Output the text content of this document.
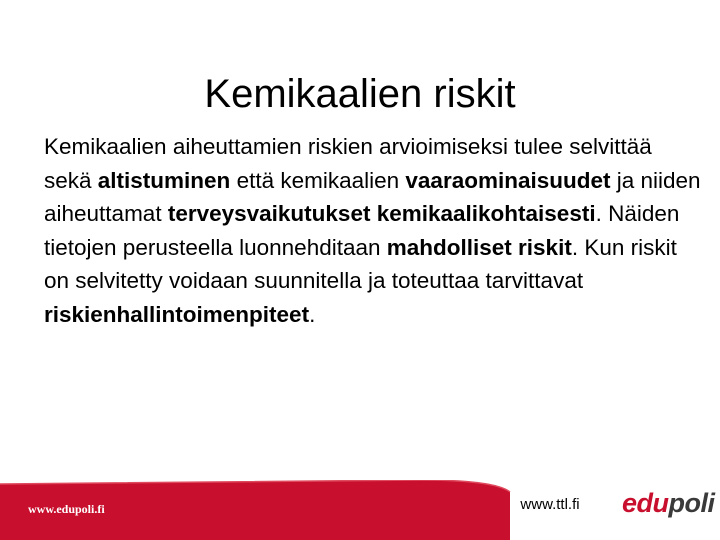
Kemikaalien riskit

Kemikaalien aiheuttamien riskien arvioimiseksi tulee selvittää sekä altistuminen että kemikaalien vaaraominaisuudet ja niiden aiheuttamat terveysvaikutukset kemikaalikohtaisesti. Näiden tietojen perusteella luonnehditaan mahdolliset riskit. Kun riskit on selvitetty voidaan suunnitella ja toteuttaa tarvittavat riskienhallintoimenpiteet.

www.edupoli.fi	www.ttl.fi	edupoli
